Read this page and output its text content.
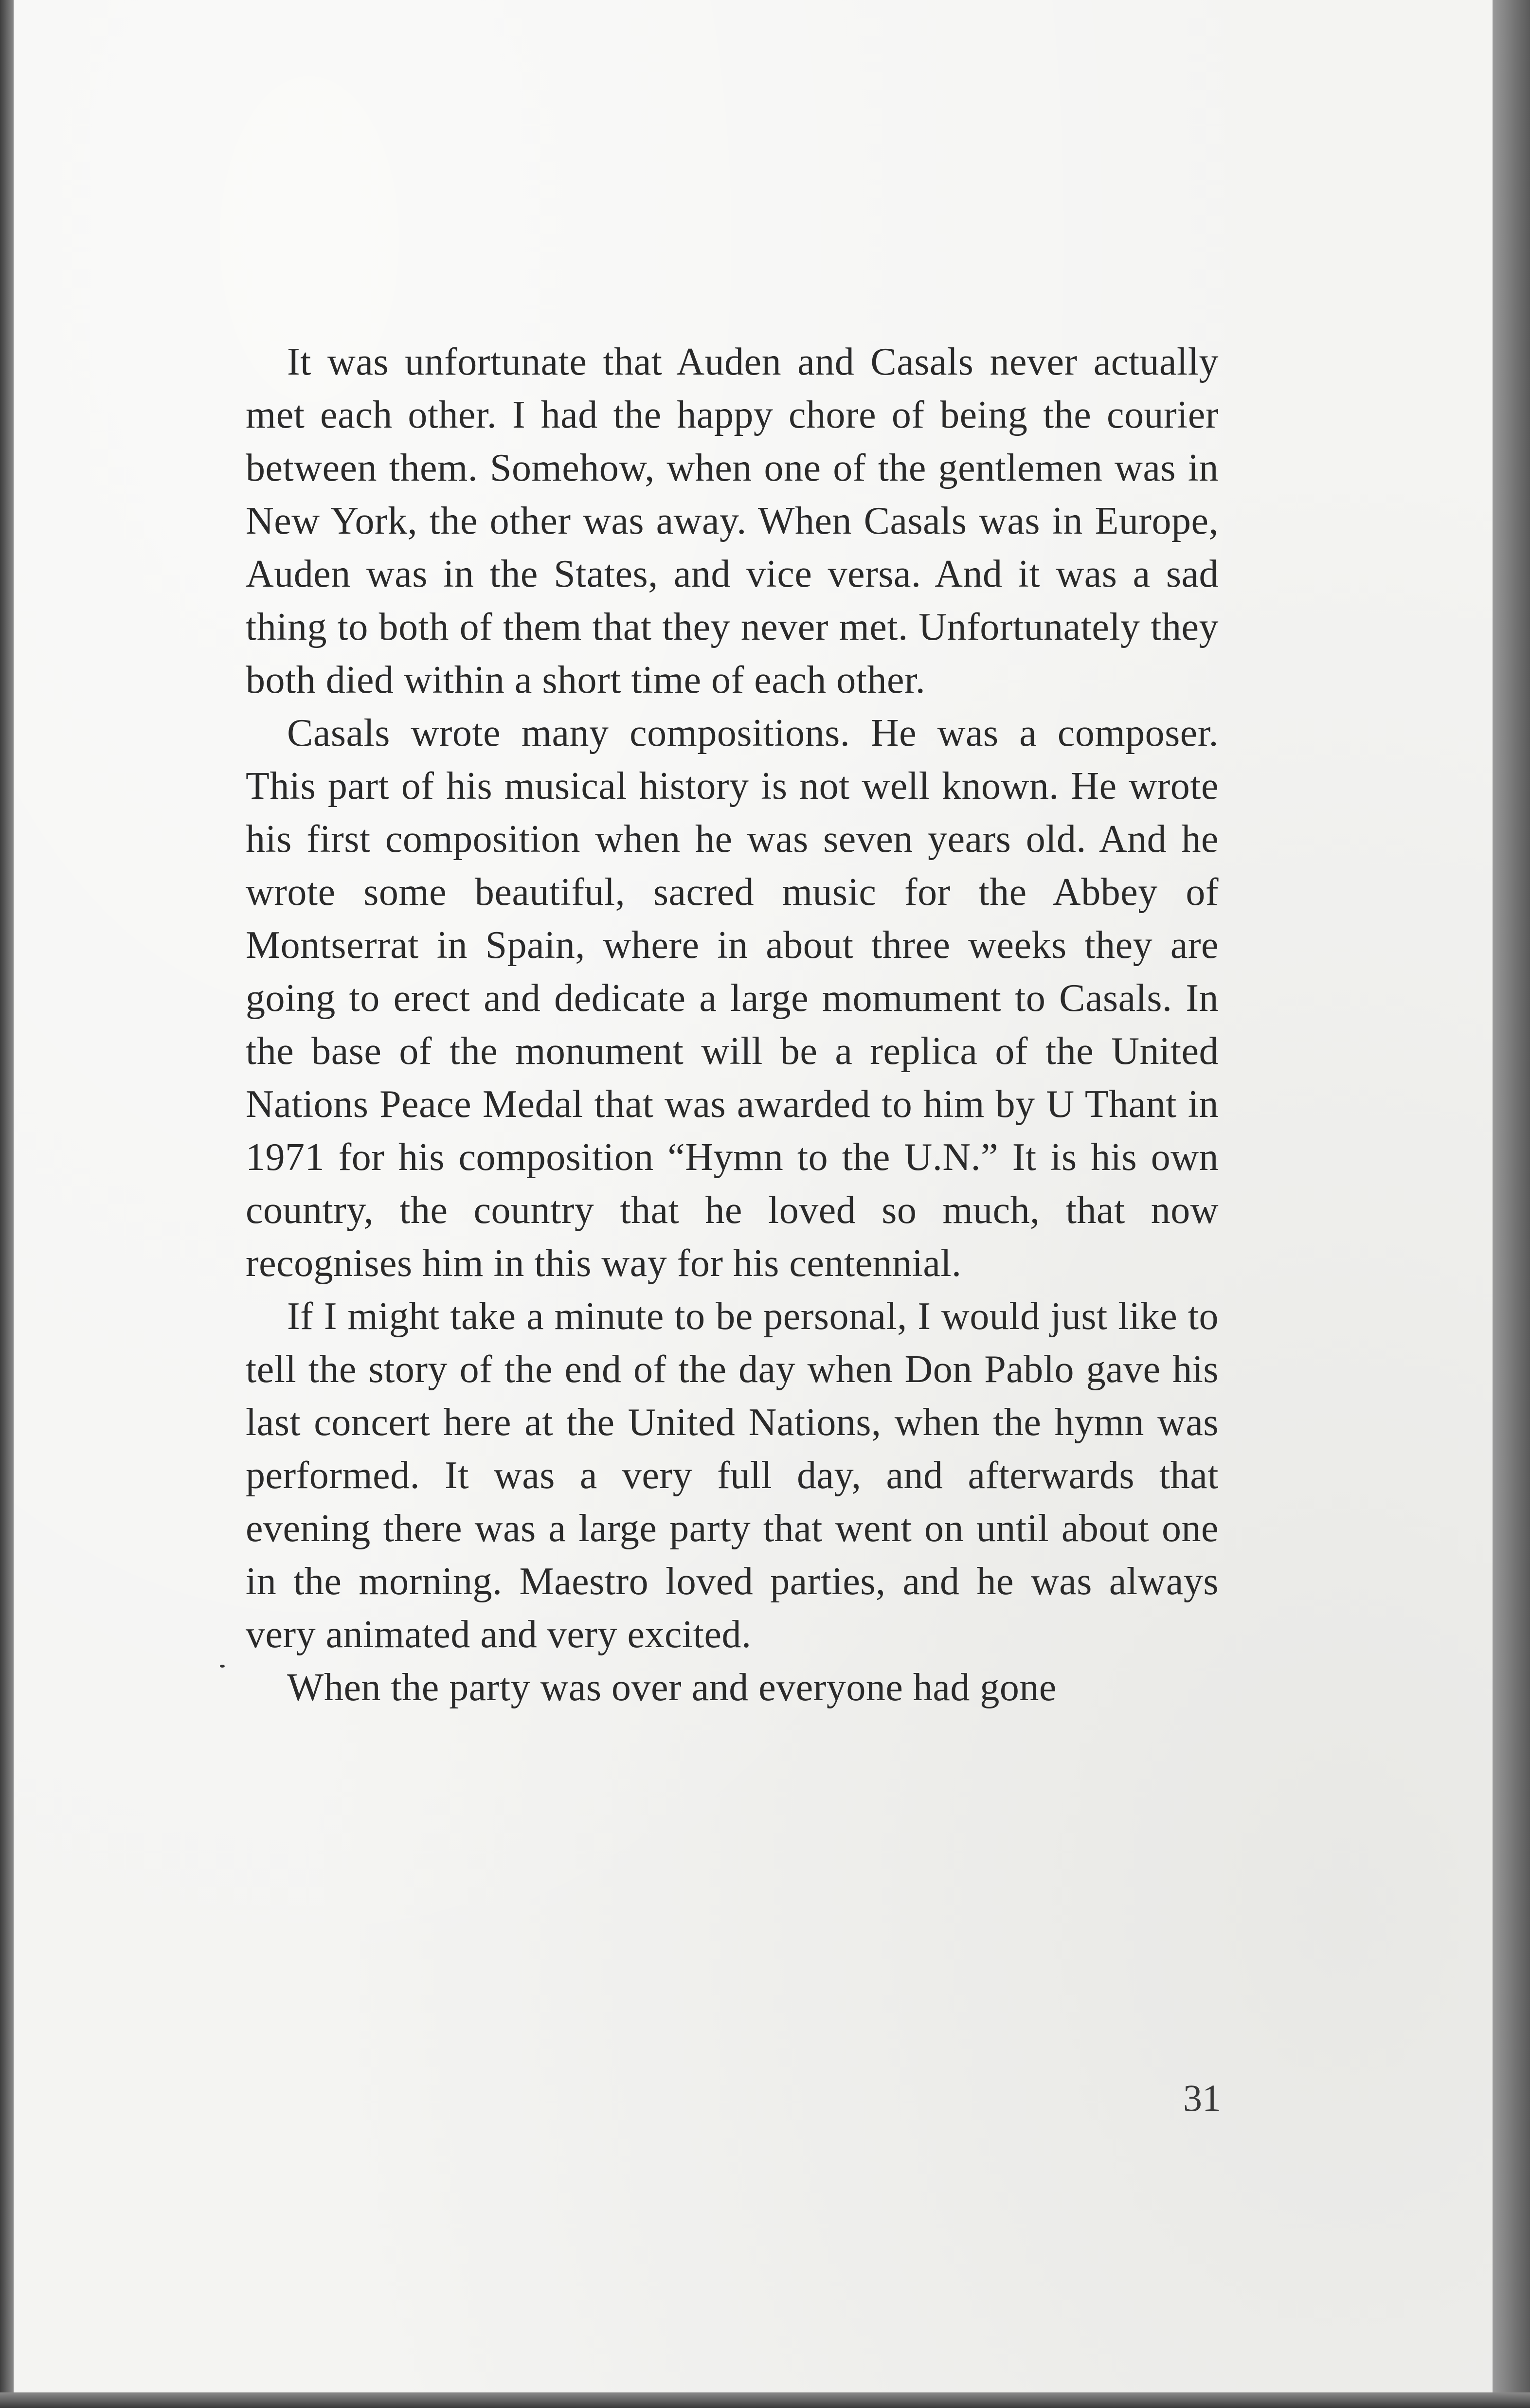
It was unfortunate that Auden and Casals never actually met each other. I had the happy chore of being the courier between them. Somehow, when one of the gentlemen was in New York, the other was away. When Casals was in Europe, Auden was in the States, and vice versa. And it was a sad thing to both of them that they never met. Unfortunately they both died within a short time of each other.

Casals wrote many compositions. He was a composer. This part of his musical history is not well known. He wrote his first composition when he was seven years old. And he wrote some beautiful, sacred music for the Abbey of Montserrat in Spain, where in about three weeks they are going to erect and dedicate a large momument to Casals. In the base of the monument will be a replica of the United Nations Peace Medal that was awarded to him by U Thant in 1971 for his composition “Hymn to the U.N.” It is his own country, the country that he loved so much, that now recognises him in this way for his centennial.

If I might take a minute to be personal, I would just like to tell the story of the end of the day when Don Pablo gave his last concert here at the United Nations, when the hymn was performed. It was a very full day, and afterwards that evening there was a large party that went on until about one in the morning. Maestro loved parties, and he was always very animated and very excited.

When the party was over and everyone had gone

31
